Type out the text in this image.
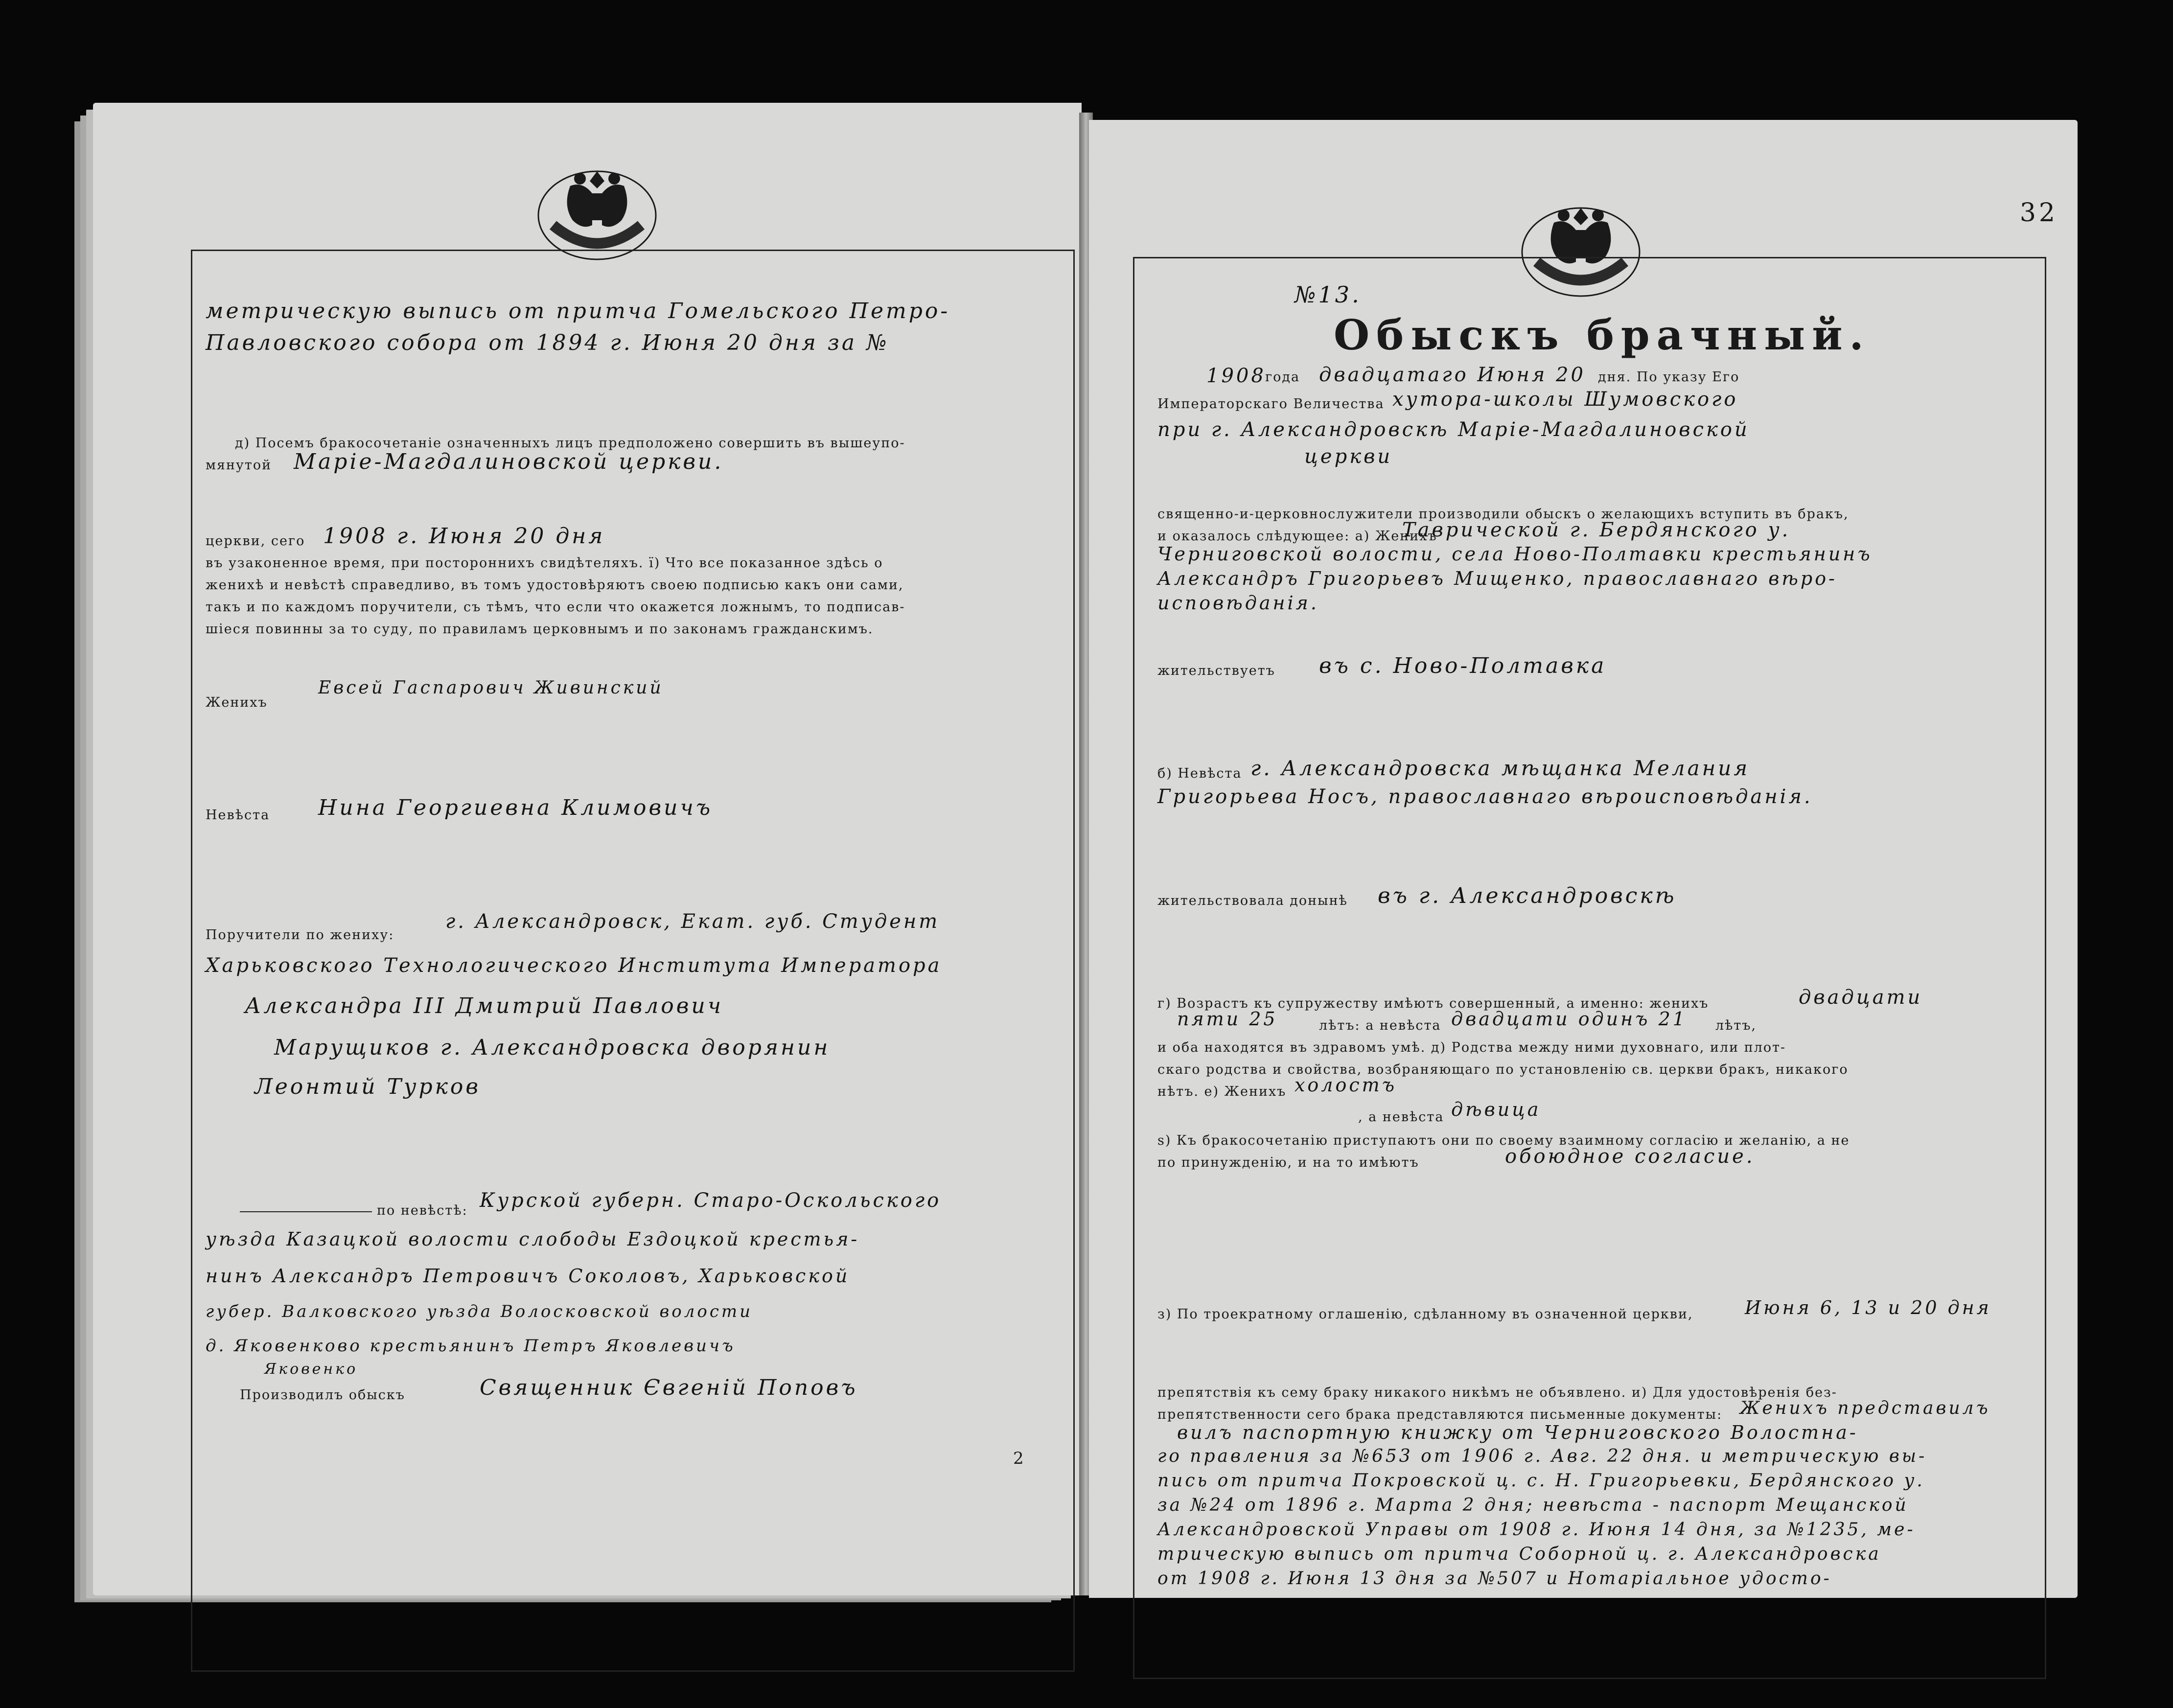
метрическую выпись от притча Гомельского Петро-
Павловского собора от 1894 г. Июня 20 дня за №
д) Посемъ бракосочетаніе означенныхъ лицъ предположено совершить въ вышеупо-
мянутой Маріе-Магдалиновской церкви.
церкви, сего 1908 г. Июня 20 дня
въ узаконенное время, при посторонниxъ свидѣтеляxъ. ї) Что все показанное здѣсь о
женихѣ и невѣстѣ справедливо, въ томъ удостовѣряютъ своею подписью какъ они сами,
такъ и по каждомъ поручители, съ тѣмъ, что если что окажется ложнымъ, то подписав-
шіеся повинны за то суду, по правиламъ церковнымъ и по законамъ гражданскимъ.
Женихъ
Евсей Гаспарович Живинский
Невѣста Нина Георгиевна Климовичъ
Поручители по жениху:
г. Александровск, Екат. губ. Студент
Харьковского Технологического Института Императора
Александра III Дмитрий Павлович
Марущиков г. Александровска дворянин
Леонтий Турков
по невѣстѣ: Курской губерн. Старо-Оскольского
уѣзда Казацкой волости слободы Ездоцкой крестья-
нинъ Александръ Петровичъ Соколовъ, Харьковской
губер. Валковского уѣзда Волосковской волости
д. Яковенково крестьянинъ Петръ Яковлевичъ
Яковенко
Производилъ обыскъ	Священник Євгеній Поповъ
2
32
№13.
Обыскъ брачный.
1908
года двадцатаго Июня 20 дня. По указу Его
Императорскаго Величества хутора-школы Шумовского
при г. Александровскѣ Маріе-Магдалиновской
церкви
священно-и-церковнослужители производили обыскъ о желающихъ вступить въ бракъ,
и оказалось слѣдующее: а) Женихъ
Таврической г. Бердянского у.
Черниговской волости, села Ново-Полтавки крестьянинъ
Александръ Григорьевъ Мищенко, православнаго вѣро-
исповѣданія.
жительствуетъ въ с. Ново-Полтавка
б) Невѣста г. Александровска мѣщанка Мелания
Григорьева Носъ, православнаго вѣроисповѣданія.
жительствовала донынѣ въ г. Александровскѣ
г) Возрастъ къ супружеству имѣютъ совершенный, а именно: женихъ	двадцати
пяти 25	лѣтъ: а невѣста двадцати одинъ 21 лѣтъ,
и оба находятся въ здравомъ умѣ. д) Родства между ними духовнаго, или плот-
скаго родства и свойства, возбраняющаго по установленію св. церкви бракъ, никакого
нѣтъ. е) Женихъ холостъ
, а невѣста дѣвица
ѕ) Къ бракосочетанію приступаютъ они по своему взаимному согласію и желанію, а не
по принужденію, и на то имѣютъ	обоюдное согласие.
з) По троекратному оглашенію, сдѣланному въ означенной церкви,	Июня 6, 13 и 20 дня
препятствія къ сему браку никакого никѣмъ не объявлено. и) Для удостовѣренія без-
препятственности сего брака представляются письменные документы: Женихъ представилъ
вилъ паспортную книжку от Черниговского Волостна-
го правления за №653 от 1906 г. Авг. 22 дня. и метрическую вы-
пись от притча Покровской ц. с. Н. Григорьевки, Бердянского у.
за №24 от 1896 г. Марта 2 дня; невѣста - паспорт Мещанской
Александровской Управы от 1908 г. Июня 14 дня, за №1235, ме-
трическую выпись от притча Соборной ц. г. Александровска
от 1908 г. Июня 13 дня за №507 и Нотаріальное удосто-
